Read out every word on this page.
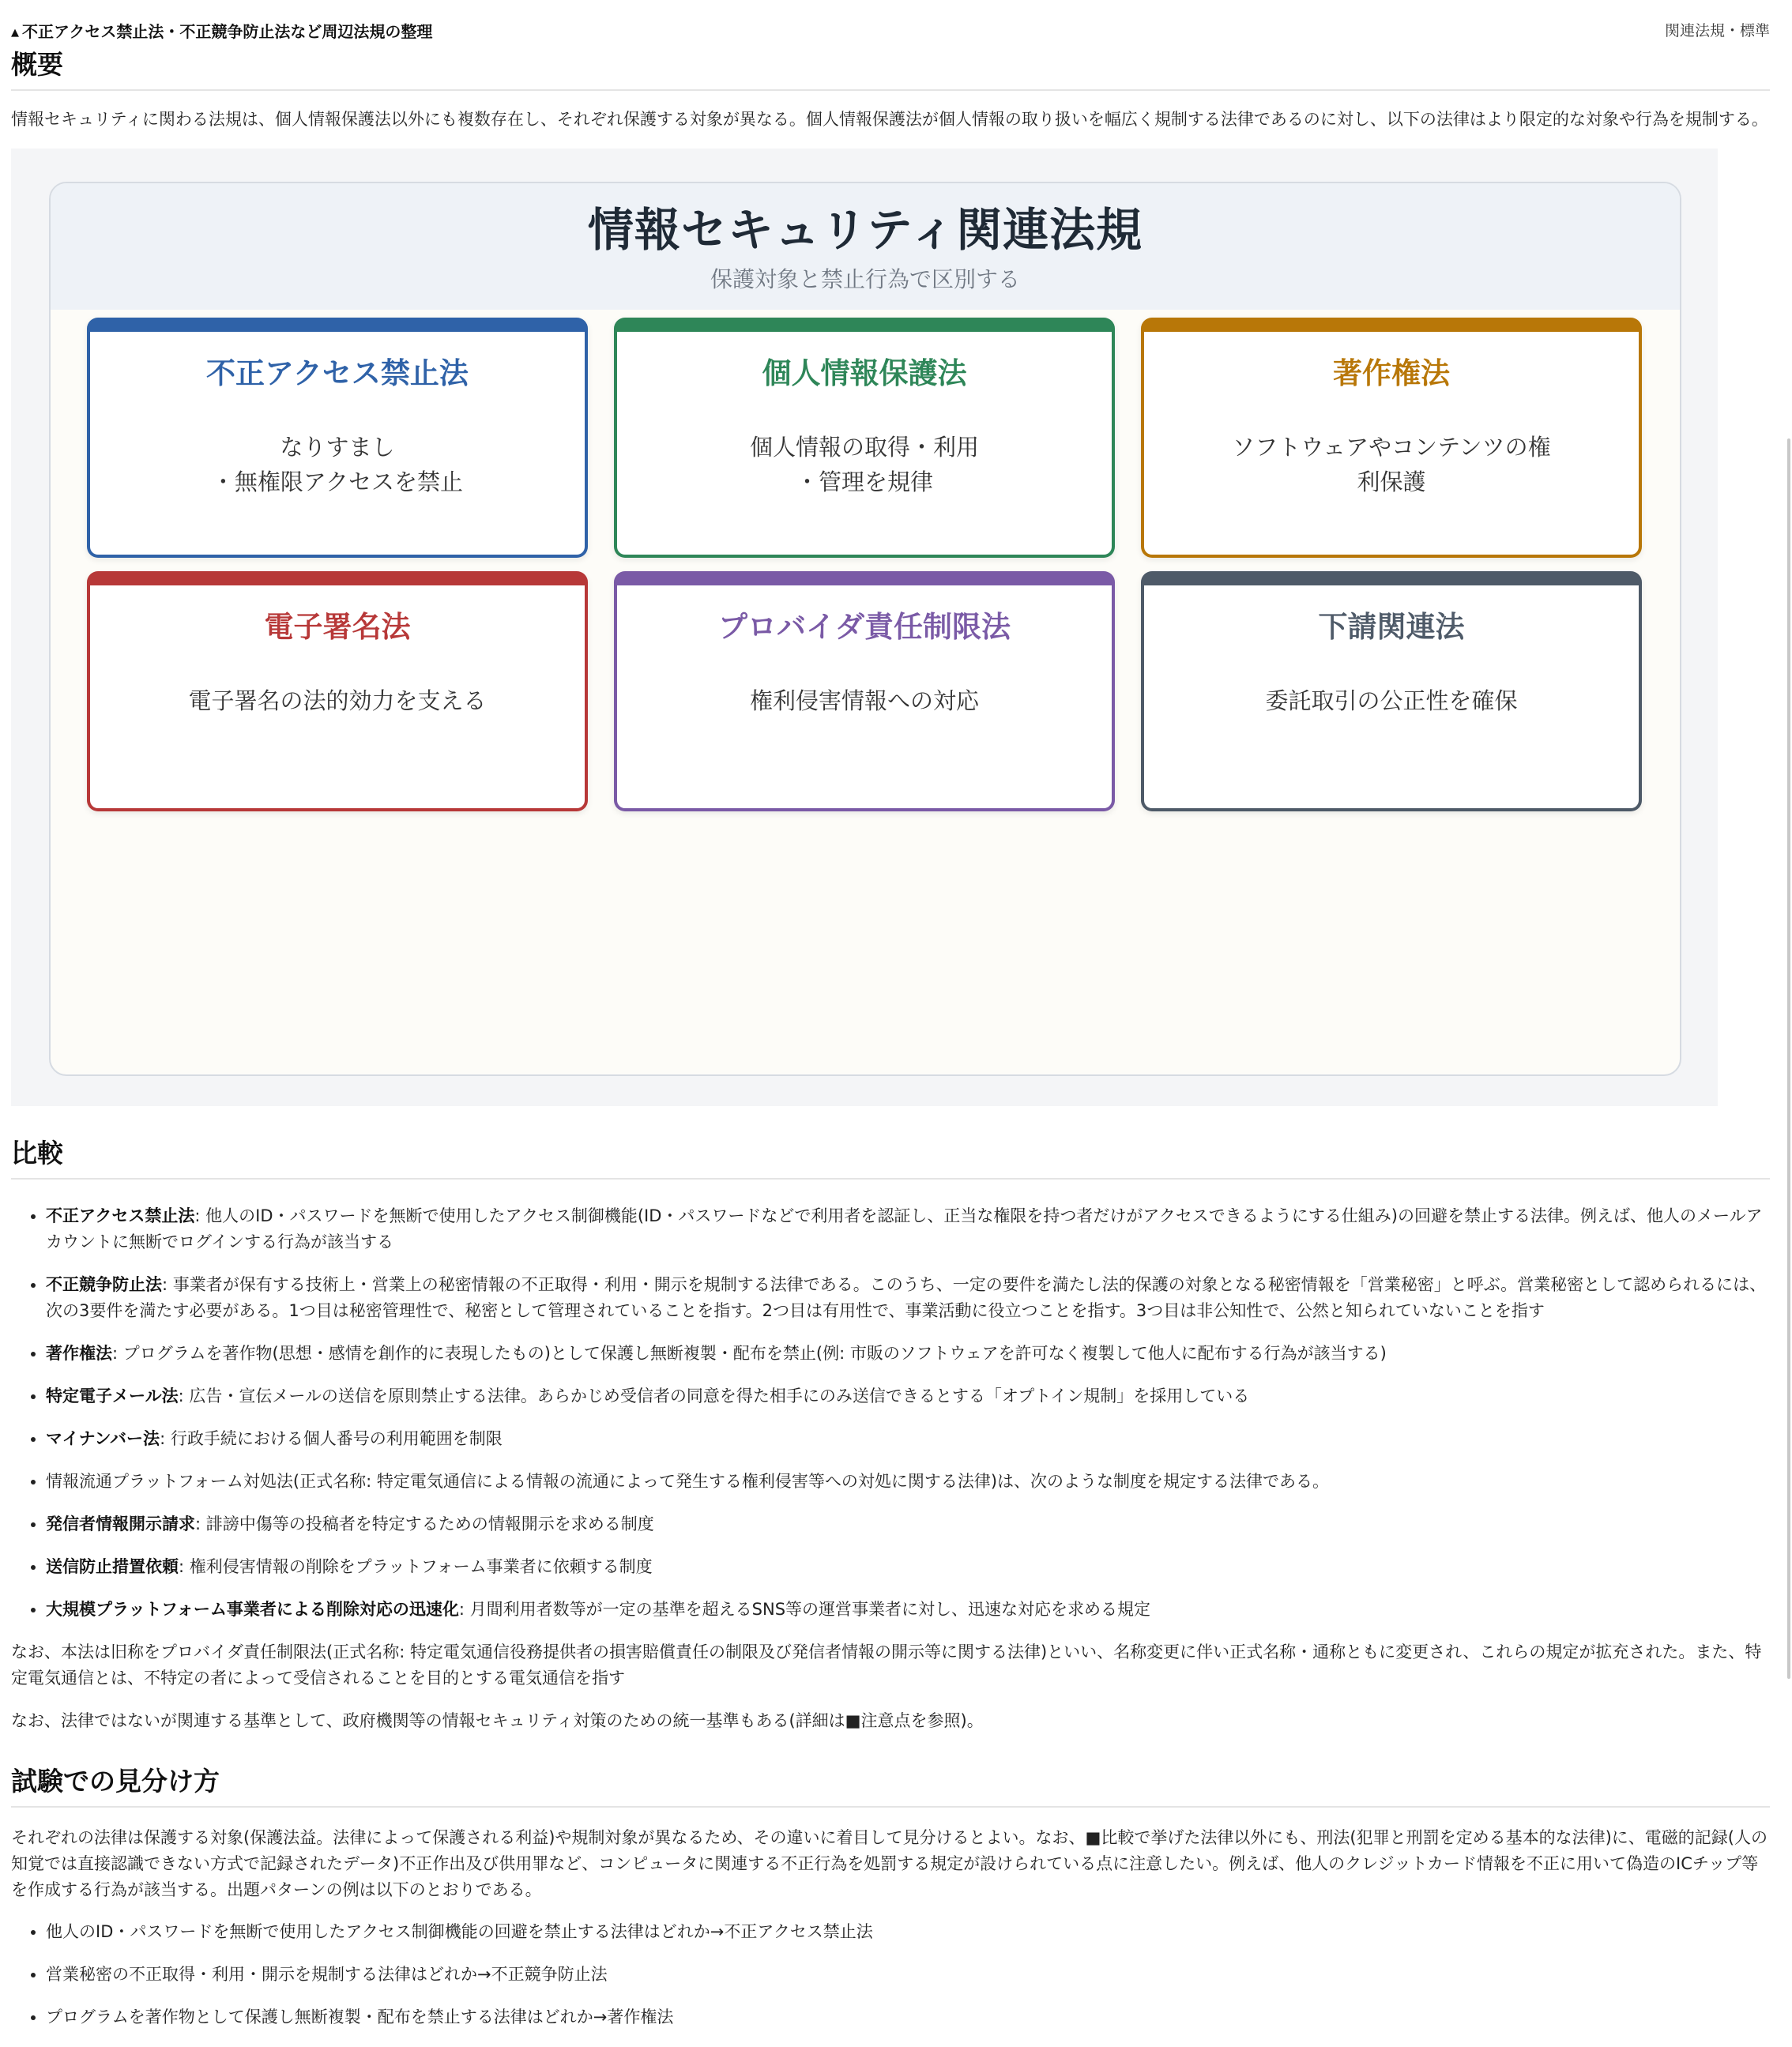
▲ 不正アクセス禁止法・不正競争防止法など周辺法規の整理	関連法規・標準
概要

情報セキュリティに関わる法規は、個人情報保護法以外にも複数存在し、それぞれ保護する対象が異なる。個人情報保護法が個人情報の取り扱いを幅広く規制する法律であるのに対し、以下の法律はより限定的な対象や行為を規制する。

情報セキュリティ関連法規
保護対象と禁止行為で区別する
不正アクセス禁止法
なりすまし
・無権限アクセスを禁止
個人情報保護法
個人情報の取得・利用
・管理を規律
著作権法
ソフトウェアやコンテンツの権
利保護
電子署名法
電子署名の法的効力を支える
プロバイダ責任制限法
権利侵害情報への対応
下請関連法
委託取引の公正性を確保
比較
• 不正アクセス禁止法: 他人のID・パスワードを無断で使用したアクセス制御機能(ID・パスワードなどで利用者を認証し、正当な権限を持つ者だけがアクセスできるようにする仕組み)の回避を禁止する法律。例えば、他人のメールアカウントに無断でログインする行為が該当する
• 不正競争防止法: 事業者が保有する技術上・営業上の秘密情報の不正取得・利用・開示を規制する法律である。このうち、一定の要件を満たし法的保護の対象となる秘密情報を「営業秘密」と呼ぶ。営業秘密として認められるには、次の3要件を満たす必要がある。1つ目は秘密管理性で、秘密として管理されていることを指す。2つ目は有用性で、事業活動に役立つことを指す。3つ目は非公知性で、公然と知られていないことを指す
• 著作権法: プログラムを著作物(思想・感情を創作的に表現したもの)として保護し無断複製・配布を禁止(例: 市販のソフトウェアを許可なく複製して他人に配布する行為が該当する)
• 特定電子メール法: 広告・宣伝メールの送信を原則禁止する法律。あらかじめ受信者の同意を得た相手にのみ送信できるとする「オプトイン規制」を採用している
• マイナンバー法: 行政手続における個人番号の利用範囲を制限
• 情報流通プラットフォーム対処法(正式名称: 特定電気通信による情報の流通によって発生する権利侵害等への対処に関する法律)は、次のような制度を規定する法律である。
• 発信者情報開示請求: 誹謗中傷等の投稿者を特定するための情報開示を求める制度
• 送信防止措置依頼: 権利侵害情報の削除をプラットフォーム事業者に依頼する制度
• 大規模プラットフォーム事業者による削除対応の迅速化: 月間利用者数等が一定の基準を超えるSNS等の運営事業者に対し、迅速な対応を求める規定

なお、本法は旧称をプロバイダ責任制限法(正式名称: 特定電気通信役務提供者の損害賠償責任の制限及び発信者情報の開示等に関する法律)といい、名称変更に伴い正式名称・通称ともに変更され、これらの規定が拡充された。また、特定電気通信とは、不特定の者によって受信されることを目的とする電気通信を指す

なお、法律ではないが関連する基準として、政府機関等の情報セキュリティ対策のための統一基準もある(詳細は■注意点を参照)。

試験での見分け方

それぞれの法律は保護する対象(保護法益。法律によって保護される利益)や規制対象が異なるため、その違いに着目して見分けるとよい。なお、■比較で挙げた法律以外にも、刑法(犯罪と刑罰を定める基本的な法律)に、電磁的記録(人の知覚では直接認識できない方式で記録されたデータ)不正作出及び供用罪など、コンピュータに関連する不正行為を処罰する規定が設けられている点に注意したい。例えば、他人のクレジットカード情報を不正に用いて偽造のICチップ等を作成する行為が該当する。出題パターンの例は以下のとおりである。

• 他人のID・パスワードを無断で使用したアクセス制御機能の回避を禁止する法律はどれか→不正アクセス禁止法
• 営業秘密の不正取得・利用・開示を規制する法律はどれか→不正競争防止法
• プログラムを著作物として保護し無断複製・配布を禁止する法律はどれか→著作権法
